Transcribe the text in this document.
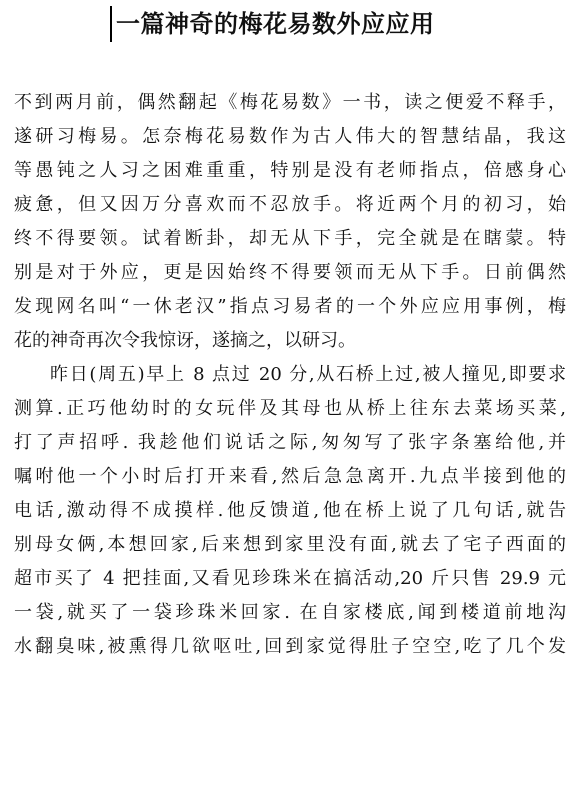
一篇神奇的梅花易数外应应用
不到两月前，偶然翻起《梅花易数》一书，读之便爱不释手，
遂研习梅易。怎奈梅花易数作为古人伟大的智慧结晶，我这
等愚钝之人习之困难重重，特别是没有老师指点，倍感身心
疲惫，但又因万分喜欢而不忍放手。将近两个月的初习，始
终不得要领。试着断卦，却无从下手，完全就是在瞎蒙。特
别是对于外应，更是因始终不得要领而无从下手。日前偶然
发现网名叫“一休老汉”指点习易者的一个外应应用事例，梅
花的神奇再次令我惊讶，遂摘之，以研习。
昨日(周五)早上 8 点过 20 分,从石桥上过,被人撞见,即要求
测算.正巧他幼时的女玩伴及其母也从桥上往东去菜场买菜,
打了声招呼. 我趁他们说话之际,匆匆写了张字条塞给他,并
嘱咐他一个小时后打开来看,然后急急离开.九点半接到他的
电话,激动得不成摸样.他反馈道,他在桥上说了几句话,就告
别母女俩,本想回家,后来想到家里没有面,就去了宅子西面的
超市买了 4 把挂面,又看见珍珠米在搞活动,20 斤只售 29.9 元
一袋,就买了一袋珍珠米回家. 在自家楼底,闻到楼道前地沟
水翻臭味,被熏得几欲呕吐,回到家觉得肚子空空,吃了几个发
